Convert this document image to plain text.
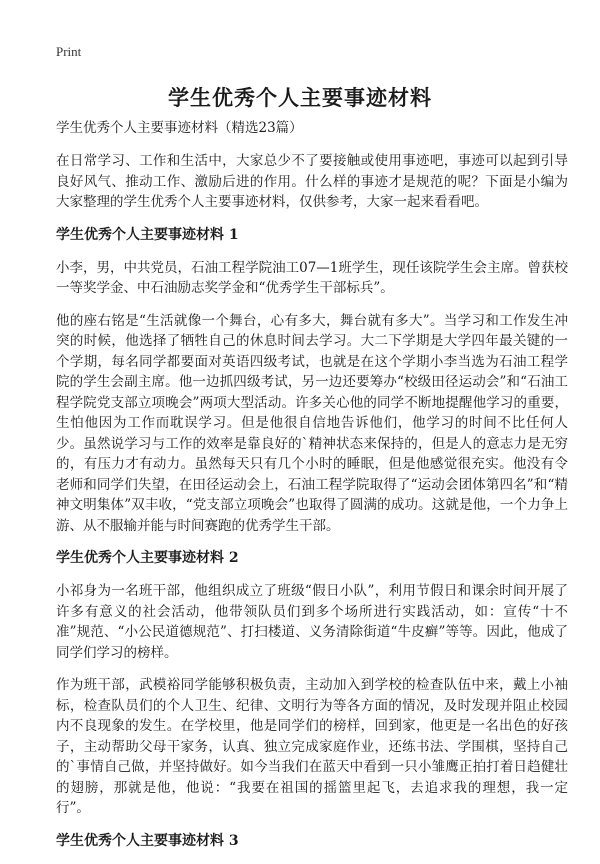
Print
学生优秀个人主要事迹材料
学生优秀个人主要事迹材料（精选23篇）
在日常学习、工作和生活中，大家总少不了要接触或使用事迹吧，事迹可以起到引导良好风气、推动工作、激励后进的作用。什么样的事迹才是规范的呢？下面是小编为大家整理的学生优秀个人主要事迹材料，仅供参考，大家一起来看看吧。
学生优秀个人主要事迹材料 1
小李，男，中共党员，石油工程学院油工07—1班学生，现任该院学生会主席。曾获校一等奖学金、中石油励志奖学金和“优秀学生干部标兵”。
他的座右铭是“生活就像一个舞台，心有多大，舞台就有多大”。当学习和工作发生冲突的时候，他选择了牺牲自己的休息时间去学习。大二下学期是大学四年最关键的一个学期，每名同学都要面对英语四级考试，也就是在这个学期小李当选为石油工程学院的学生会副主席。他一边抓四级考试，另一边还要筹办“校级田径运动会”和“石油工程学院党支部立项晚会”两项大型活动。许多关心他的同学不断地提醒他学习的重要，生怕他因为工作而耽误学习。但是他很自信地告诉他们，他学习的时间不比任何人少。虽然说学习与工作的效率是靠良好的`精神状态来保持的，但是人的意志力是无穷的，有压力才有动力。虽然每天只有几个小时的睡眠，但是他感觉很充实。他没有令老师和同学们失望，在田径运动会上，石油工程学院取得了“运动会团体第四名”和“精神文明集体”双丰收，“党支部立项晚会”也取得了圆满的成功。这就是他，一个力争上游、从不服输并能与时间赛跑的优秀学生干部。
学生优秀个人主要事迹材料 2
小祁身为一名班干部，他组织成立了班级“假日小队”，利用节假日和课余时间开展了许多有意义的社会活动，他带领队员们到多个场所进行实践活动，如：宣传“十不准”规范、“小公民道德规范”、打扫楼道、义务清除街道“牛皮癣”等等。因此，他成了同学们学习的榜样。
作为班干部，武模裕同学能够积极负责，主动加入到学校的检查队伍中来，戴上小袖标，检查队员们的个人卫生、纪律、文明行为等各方面的情况，及时发现并阻止校园内不良现象的发生。在学校里，他是同学们的榜样，回到家，他更是一名出色的好孩子，主动帮助父母干家务，认真、独立完成家庭作业，还练书法、学围棋，坚持自己的`事情自己做，并坚持做好。如今当我们在蓝天中看到一只小雏鹰正拍打着日趋健壮的翅膀，那就是他，他说：“我要在祖国的摇篮里起飞，去追求我的理想，我一定行”。
学生优秀个人主要事迹材料 3
